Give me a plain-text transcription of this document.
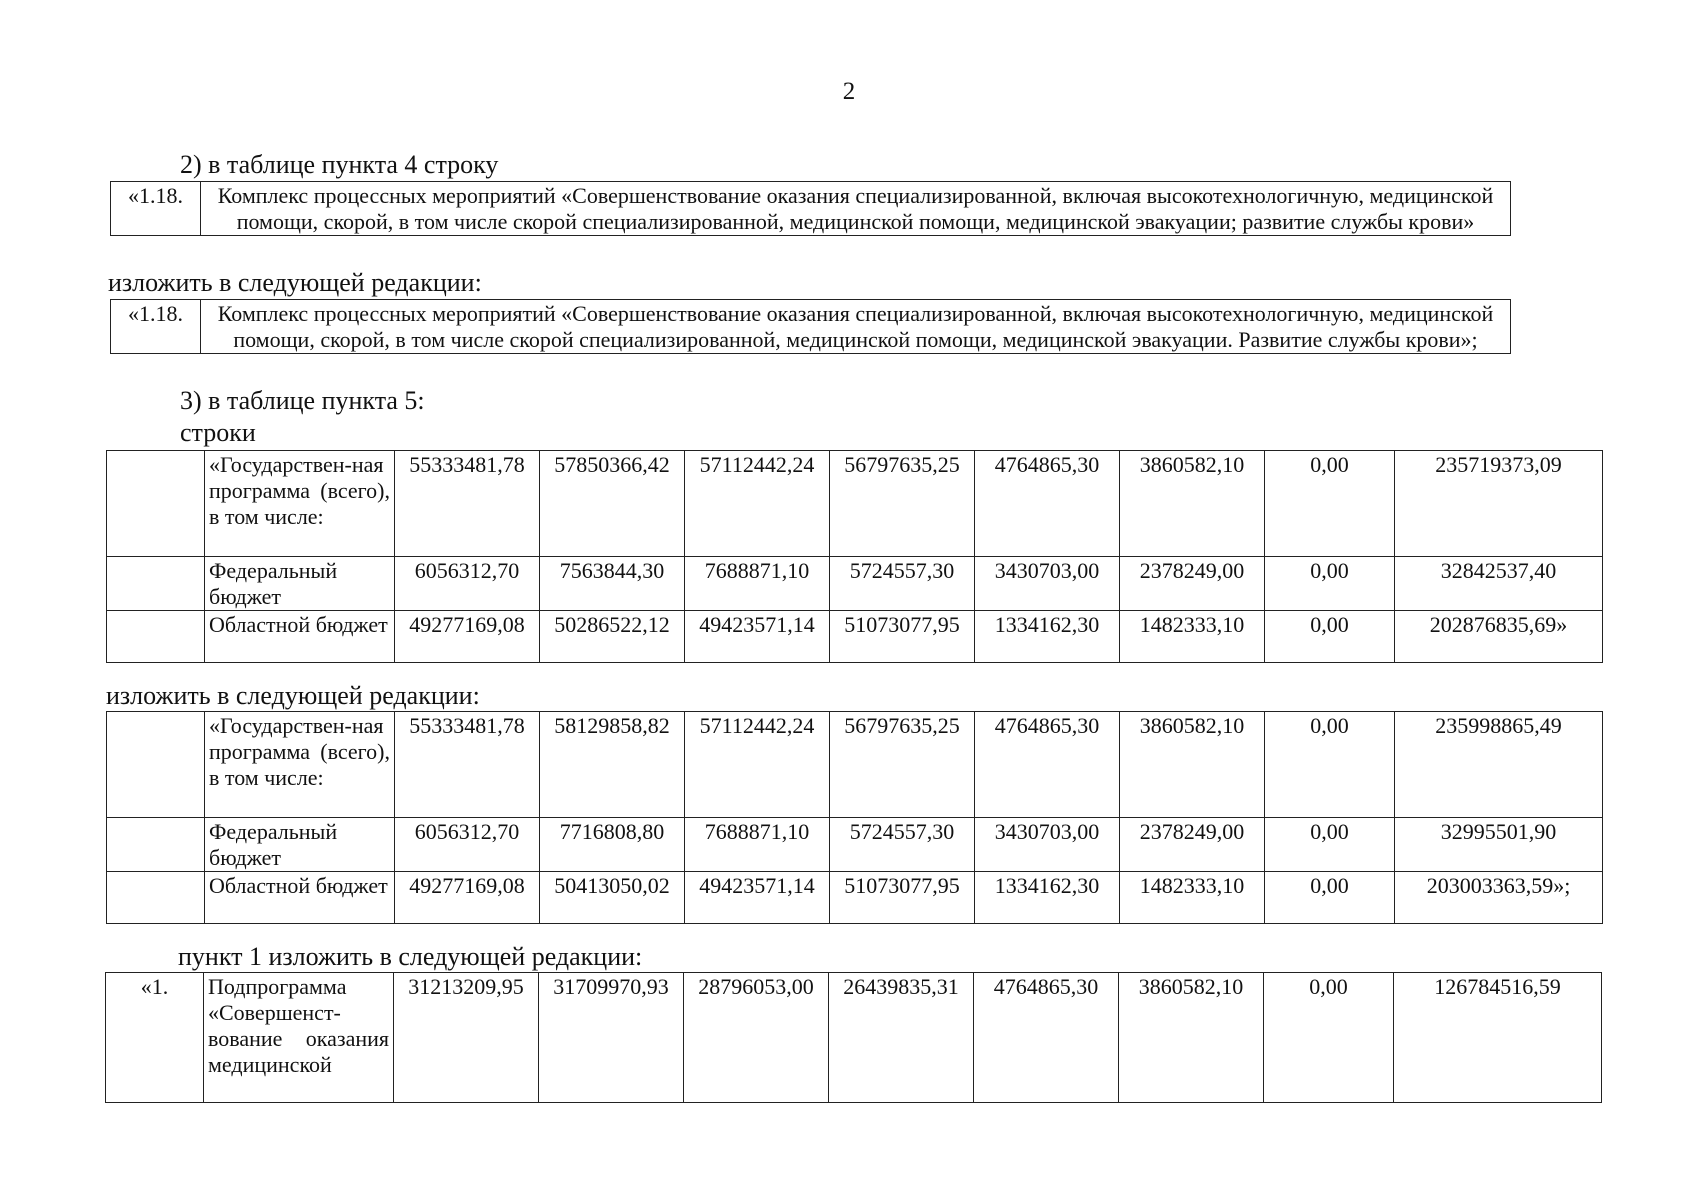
2
2) в таблице пункта 4 строку
«1.18.	Комплекс процессных мероприятий «Совершенствование оказания специализированной, включая высокотехнологичную, медицинской помощи, скорой, в том числе скорой специализированной, медицинской помощи, медицинской эвакуации; развитие службы крови»
изложить в следующей редакции:
«1.18.	Комплекс процессных мероприятий «Совершенствование оказания специализированной, включая высокотехнологичную, медицинской помощи, скорой, в том числе скорой специализированной, медицинской помощи, медицинской эвакуации. Развитие службы крови»;
3) в таблице пункта 5:
строки
	«Государствен-ная программа (всего), в том числе:	55333481,78	57850366,42	57112442,24	56797635,25	4764865,30	3860582,10	0,00	235719373,09
	Федеральный бюджет	6056312,70	7563844,30	7688871,10	5724557,30	3430703,00	2378249,00	0,00	32842537,40
	Областной бюджет	49277169,08	50286522,12	49423571,14	51073077,95	1334162,30	1482333,10	0,00	202876835,69»
изложить в следующей редакции:
	«Государствен-ная программа (всего), в том числе:	55333481,78	58129858,82	57112442,24	56797635,25	4764865,30	3860582,10	0,00	235998865,49
	Федеральный бюджет	6056312,70	7716808,80	7688871,10	5724557,30	3430703,00	2378249,00	0,00	32995501,90
	Областной бюджет	49277169,08	50413050,02	49423571,14	51073077,95	1334162,30	1482333,10	0,00	203003363,59»;
пункт 1 изложить в следующей редакции:
«1.	Подпрограмма «Совершенст-вование оказания медицинской	31213209,95	31709970,93	28796053,00	26439835,31	4764865,30	3860582,10	0,00	126784516,59
